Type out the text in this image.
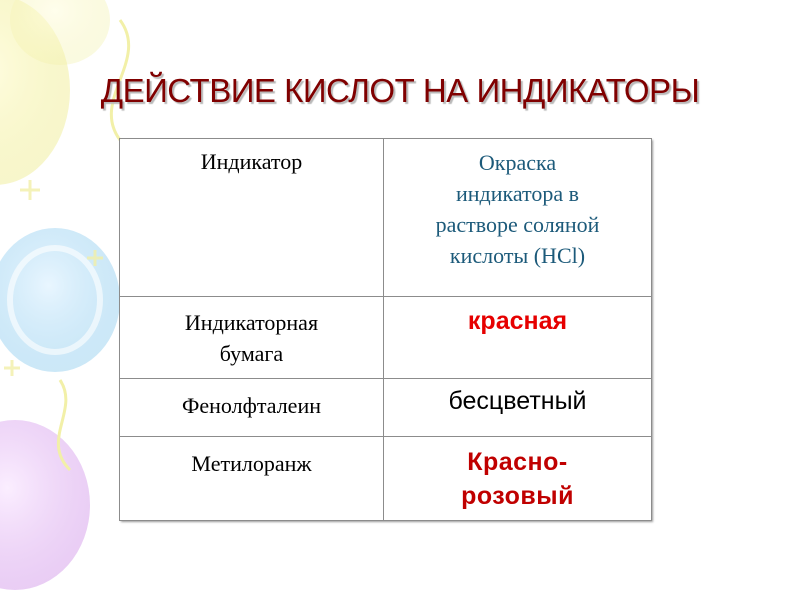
ДЕЙСТВИЕ КИСЛОТ НА ИНДИКАТОРЫ
Индикатор	Окраска
индикатора в
растворе соляной
кислоты (HCl)

Индикаторная
бумага	красная

Фенолфталеин	бесцветный

Метилоранж	Красно-
розовый
